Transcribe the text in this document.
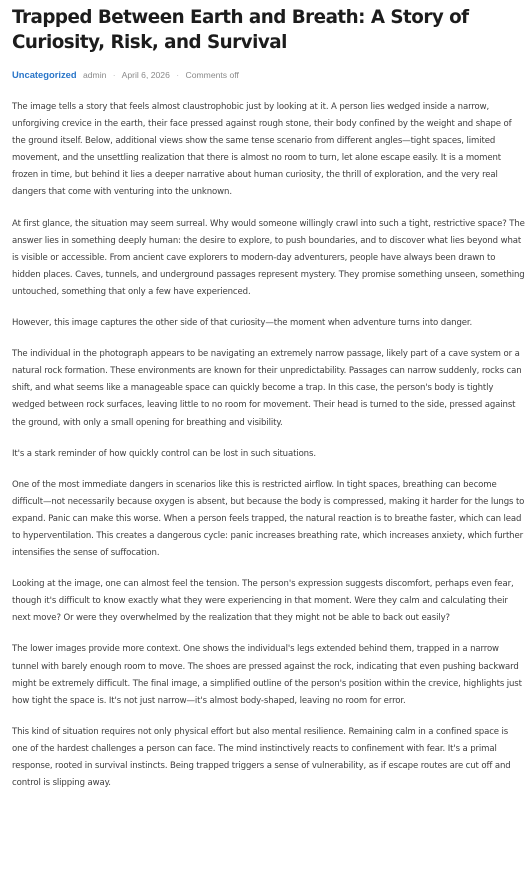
Trapped Between Earth and Breath: A Story of Curiosity, Risk, and Survival
Uncategorized admin · April 6, 2026 · Comments off

The image tells a story that feels almost claustrophobic just by looking at it. A person lies wedged inside a narrow, unforgiving crevice in the earth, their face pressed against rough stone, their body confined by the weight and shape of the ground itself. Below, additional views show the same tense scenario from different angles—tight spaces, limited movement, and the unsettling realization that there is almost no room to turn, let alone escape easily. It is a moment frozen in time, but behind it lies a deeper narrative about human curiosity, the thrill of exploration, and the very real dangers that come with venturing into the unknown.

At first glance, the situation may seem surreal. Why would someone willingly crawl into such a tight, restrictive space? The answer lies in something deeply human: the desire to explore, to push boundaries, and to discover what lies beyond what is visible or accessible. From ancient cave explorers to modern-day adventurers, people have always been drawn to hidden places. Caves, tunnels, and underground passages represent mystery. They promise something unseen, something untouched, something that only a few have experienced.

However, this image captures the other side of that curiosity—the moment when adventure turns into danger.

The individual in the photograph appears to be navigating an extremely narrow passage, likely part of a cave system or a natural rock formation. These environments are known for their unpredictability. Passages can narrow suddenly, rocks can shift, and what seems like a manageable space can quickly become a trap. In this case, the person's body is tightly wedged between rock surfaces, leaving little to no room for movement. Their head is turned to the side, pressed against the ground, with only a small opening for breathing and visibility.

It's a stark reminder of how quickly control can be lost in such situations.

One of the most immediate dangers in scenarios like this is restricted airflow. In tight spaces, breathing can become difficult—not necessarily because oxygen is absent, but because the body is compressed, making it harder for the lungs to expand. Panic can make this worse. When a person feels trapped, the natural reaction is to breathe faster, which can lead to hyperventilation. This creates a dangerous cycle: panic increases breathing rate, which increases anxiety, which further intensifies the sense of suffocation.

Looking at the image, one can almost feel the tension. The person's expression suggests discomfort, perhaps even fear, though it's difficult to know exactly what they were experiencing in that moment. Were they calm and calculating their next move? Or were they overwhelmed by the realization that they might not be able to back out easily?

The lower images provide more context. One shows the individual's legs extended behind them, trapped in a narrow tunnel with barely enough room to move. The shoes are pressed against the rock, indicating that even pushing backward might be extremely difficult. The final image, a simplified outline of the person's position within the crevice, highlights just how tight the space is. It's not just narrow—it's almost body-shaped, leaving no room for error.

This kind of situation requires not only physical effort but also mental resilience. Remaining calm in a confined space is one of the hardest challenges a person can face. The mind instinctively reacts to confinement with fear. It's a primal response, rooted in survival instincts. Being trapped triggers a sense of vulnerability, as if escape routes are cut off and control is slipping away.
